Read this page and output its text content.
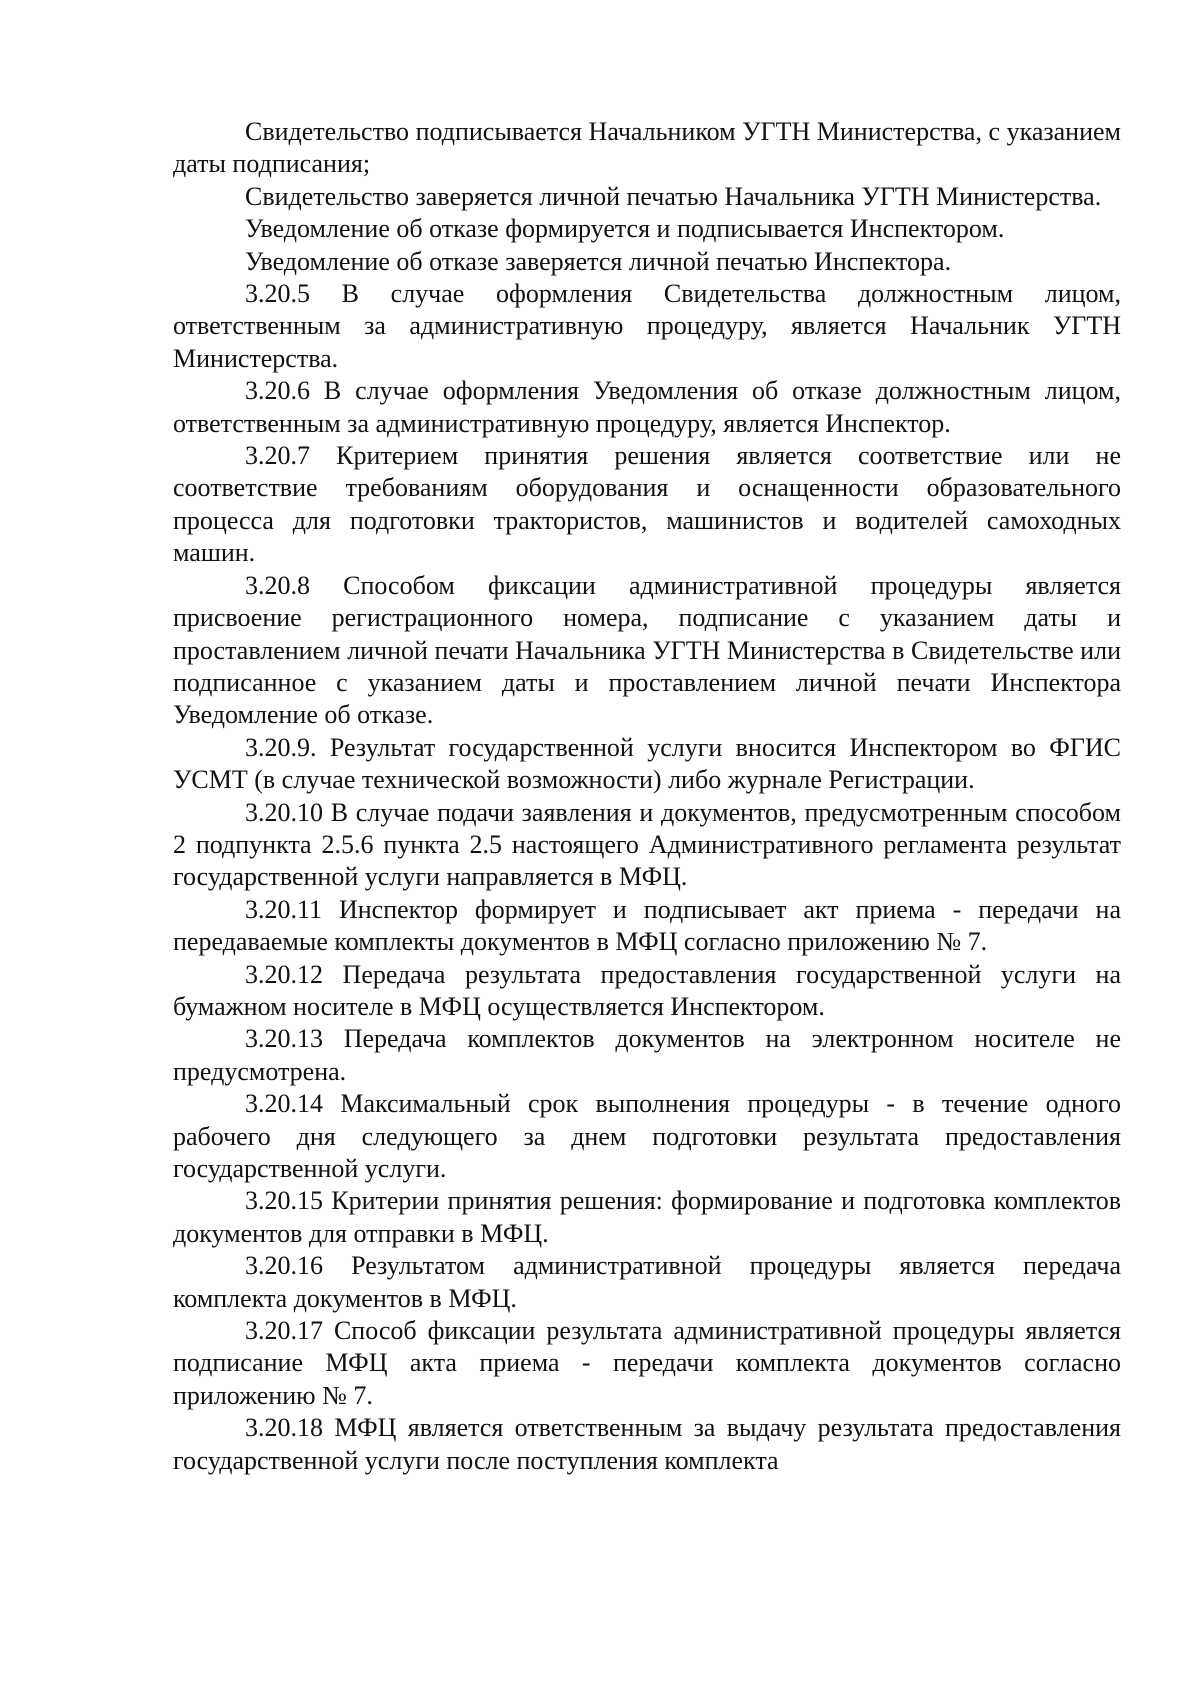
Свидетельство подписывается Начальником УГТН Министерства, с указанием даты подписания;

Свидетельство заверяется личной печатью Начальника УГТН Министерства.

Уведомление об отказе формируется и подписывается Инспектором.

Уведомление об отказе заверяется личной печатью Инспектора.

3.20.5 В случае оформления Свидетельства должностным лицом, ответственным за административную процедуру, является Начальник УГТН Министерства.

3.20.6 В случае оформления Уведомления об отказе должностным лицом, ответственным за административную процедуру, является Инспектор.

3.20.7 Критерием принятия решения является соответствие или не соответствие требованиям оборудования и оснащенности образовательного процесса для подготовки трактористов, машинистов и водителей самоходных машин.

3.20.8 Способом фиксации административной процедуры является присвоение регистрационного номера, подписание с указанием даты и проставлением личной печати Начальника УГТН Министерства в Свидетельстве или подписанное с указанием даты и проставлением личной печати Инспектора Уведомление об отказе.

3.20.9. Результат государственной услуги вносится Инспектором во ФГИС УСМТ (в случае технической возможности) либо журнале Регистрации.

3.20.10 В случае подачи заявления и документов, предусмотренным способом 2 подпункта 2.5.6 пункта 2.5 настоящего Административного регламента результат государственной услуги направляется в МФЦ.

3.20.11 Инспектор формирует и подписывает акт приема - передачи на передаваемые комплекты документов в МФЦ согласно приложению № 7.

3.20.12 Передача результата предоставления государственной услуги на бумажном носителе в МФЦ осуществляется Инспектором.

3.20.13 Передача комплектов документов на электронном носителе не предусмотрена.

3.20.14 Максимальный срок выполнения процедуры - в течение одного рабочего дня следующего за днем подготовки результата предоставления государственной услуги.

3.20.15 Критерии принятия решения: формирование и подготовка комплектов документов для отправки в МФЦ.

3.20.16 Результатом административной процедуры является передача комплекта документов в МФЦ.

3.20.17 Способ фиксации результата административной процедуры является подписание МФЦ акта приема - передачи комплекта документов согласно приложению № 7.

3.20.18 МФЦ является ответственным за выдачу результата предоставления государственной услуги после поступления комплекта
